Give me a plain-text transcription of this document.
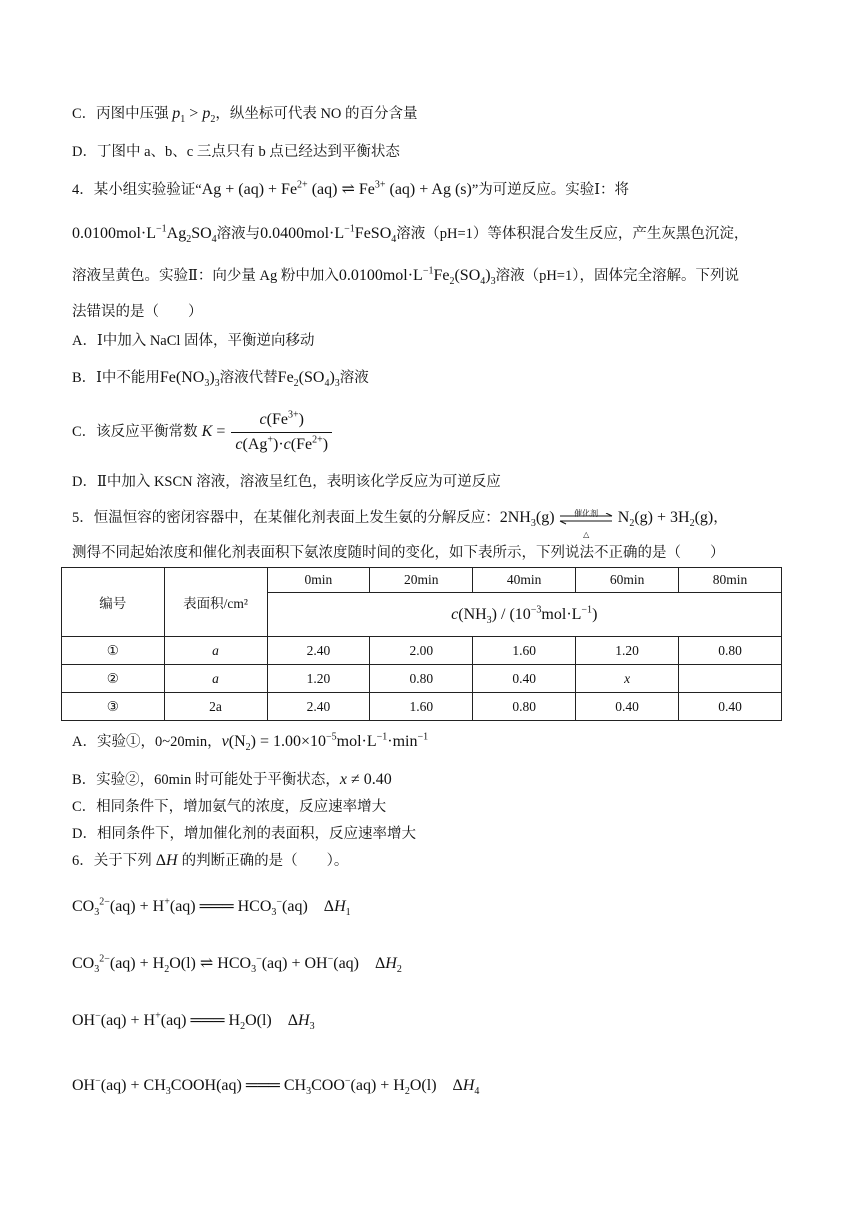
C．丙图中压强 $p_1 > p_2$，纵坐标可代表 NO 的百分含量
D．丁图中 a、b、c 三点只有 b 点已经达到平衡状态
4．某小组实验验证“$Ag + (aq) + Fe^{2+}$ (aq) ⇌ $Fe^{3+}$ (aq) + Ag (s)”为可逆反应。实验Ⅰ：将
$0.0100mol\cdot L^{-1}Ag_2SO_4$溶液与$0.0400mol\cdot L^{-1}FeSO_4$溶液（pH=1）等体积混合发生反应，产生灰黑色沉淀，
溶液呈黄色。实验Ⅱ：向少量 Ag 粉中加入$0.0100mol\cdot L^{-1}Fe_2(SO_4)_3$溶液（pH=1），固体完全溶解。下列说
法错误的是（　　）
A．Ⅰ中加入 NaCl 固体，平衡逆向移动
B．Ⅰ中不能用$Fe(NO_3)_3$溶液代替$Fe_2(SO_4)_3$溶液
C．该反应平衡常数 $K = \frac{c(Fe^{3+})}{c(Ag^+)\cdot c(Fe^{2+})}$
D．Ⅱ中加入 KSCN 溶液，溶液呈红色，表明该化学反应为可逆反应
5．恒温恒容的密闭容器中，在某催化剂表面上发生氨的分解反应：$2NH_3(g)$	催化剂
△
$N_2(g) + 3H_2(g)$，
测得不同起始浓度和催化剂表面积下氨浓度随时间的变化，如下表所示，下列说法不正确的是（　　）
编号	表面积/cm²	0min	20min	40min	60min	80min
		$c(NH_3) / (10^{-3}mol\cdot L^{-1})$				
①	a	2.40	2.00	1.60	1.20	0.80
②	a	1.20	0.80	0.40	x	
③	2a	2.40	1.60	0.80	0.40	0.40
A．实验①，0~20min，$v(N_2) = 1.00\times 10^{-5}mol\cdot L^{-1}\cdot\min^{-1}$
B．实验②，60min 时可能处于平衡状态，x ≠ 0.40
C．相同条件下，增加氨气的浓度，反应速率增大
D．相同条件下，增加催化剂的表面积，反应速率增大
6．关于下列 ΔH 的判断正确的是（　　）。
$CO_3^{2-}(aq) + H^+(aq)$ ═══ $HCO_3^-(aq)$    $\Delta H_1$
$CO_3^{2-}(aq) + H_2O(l)$ ⇌ $HCO_3^-(aq) + OH^-(aq)$    $\Delta H_2$
OH−(aq) + H+(aq) ═══ $H_2O(l)$    $\Delta H_3$
$OH^-(aq) + CH_3COOH(aq)$ ═══ $CH_3COO^-(aq) + H_2O(l)$    $\Delta H_4$
